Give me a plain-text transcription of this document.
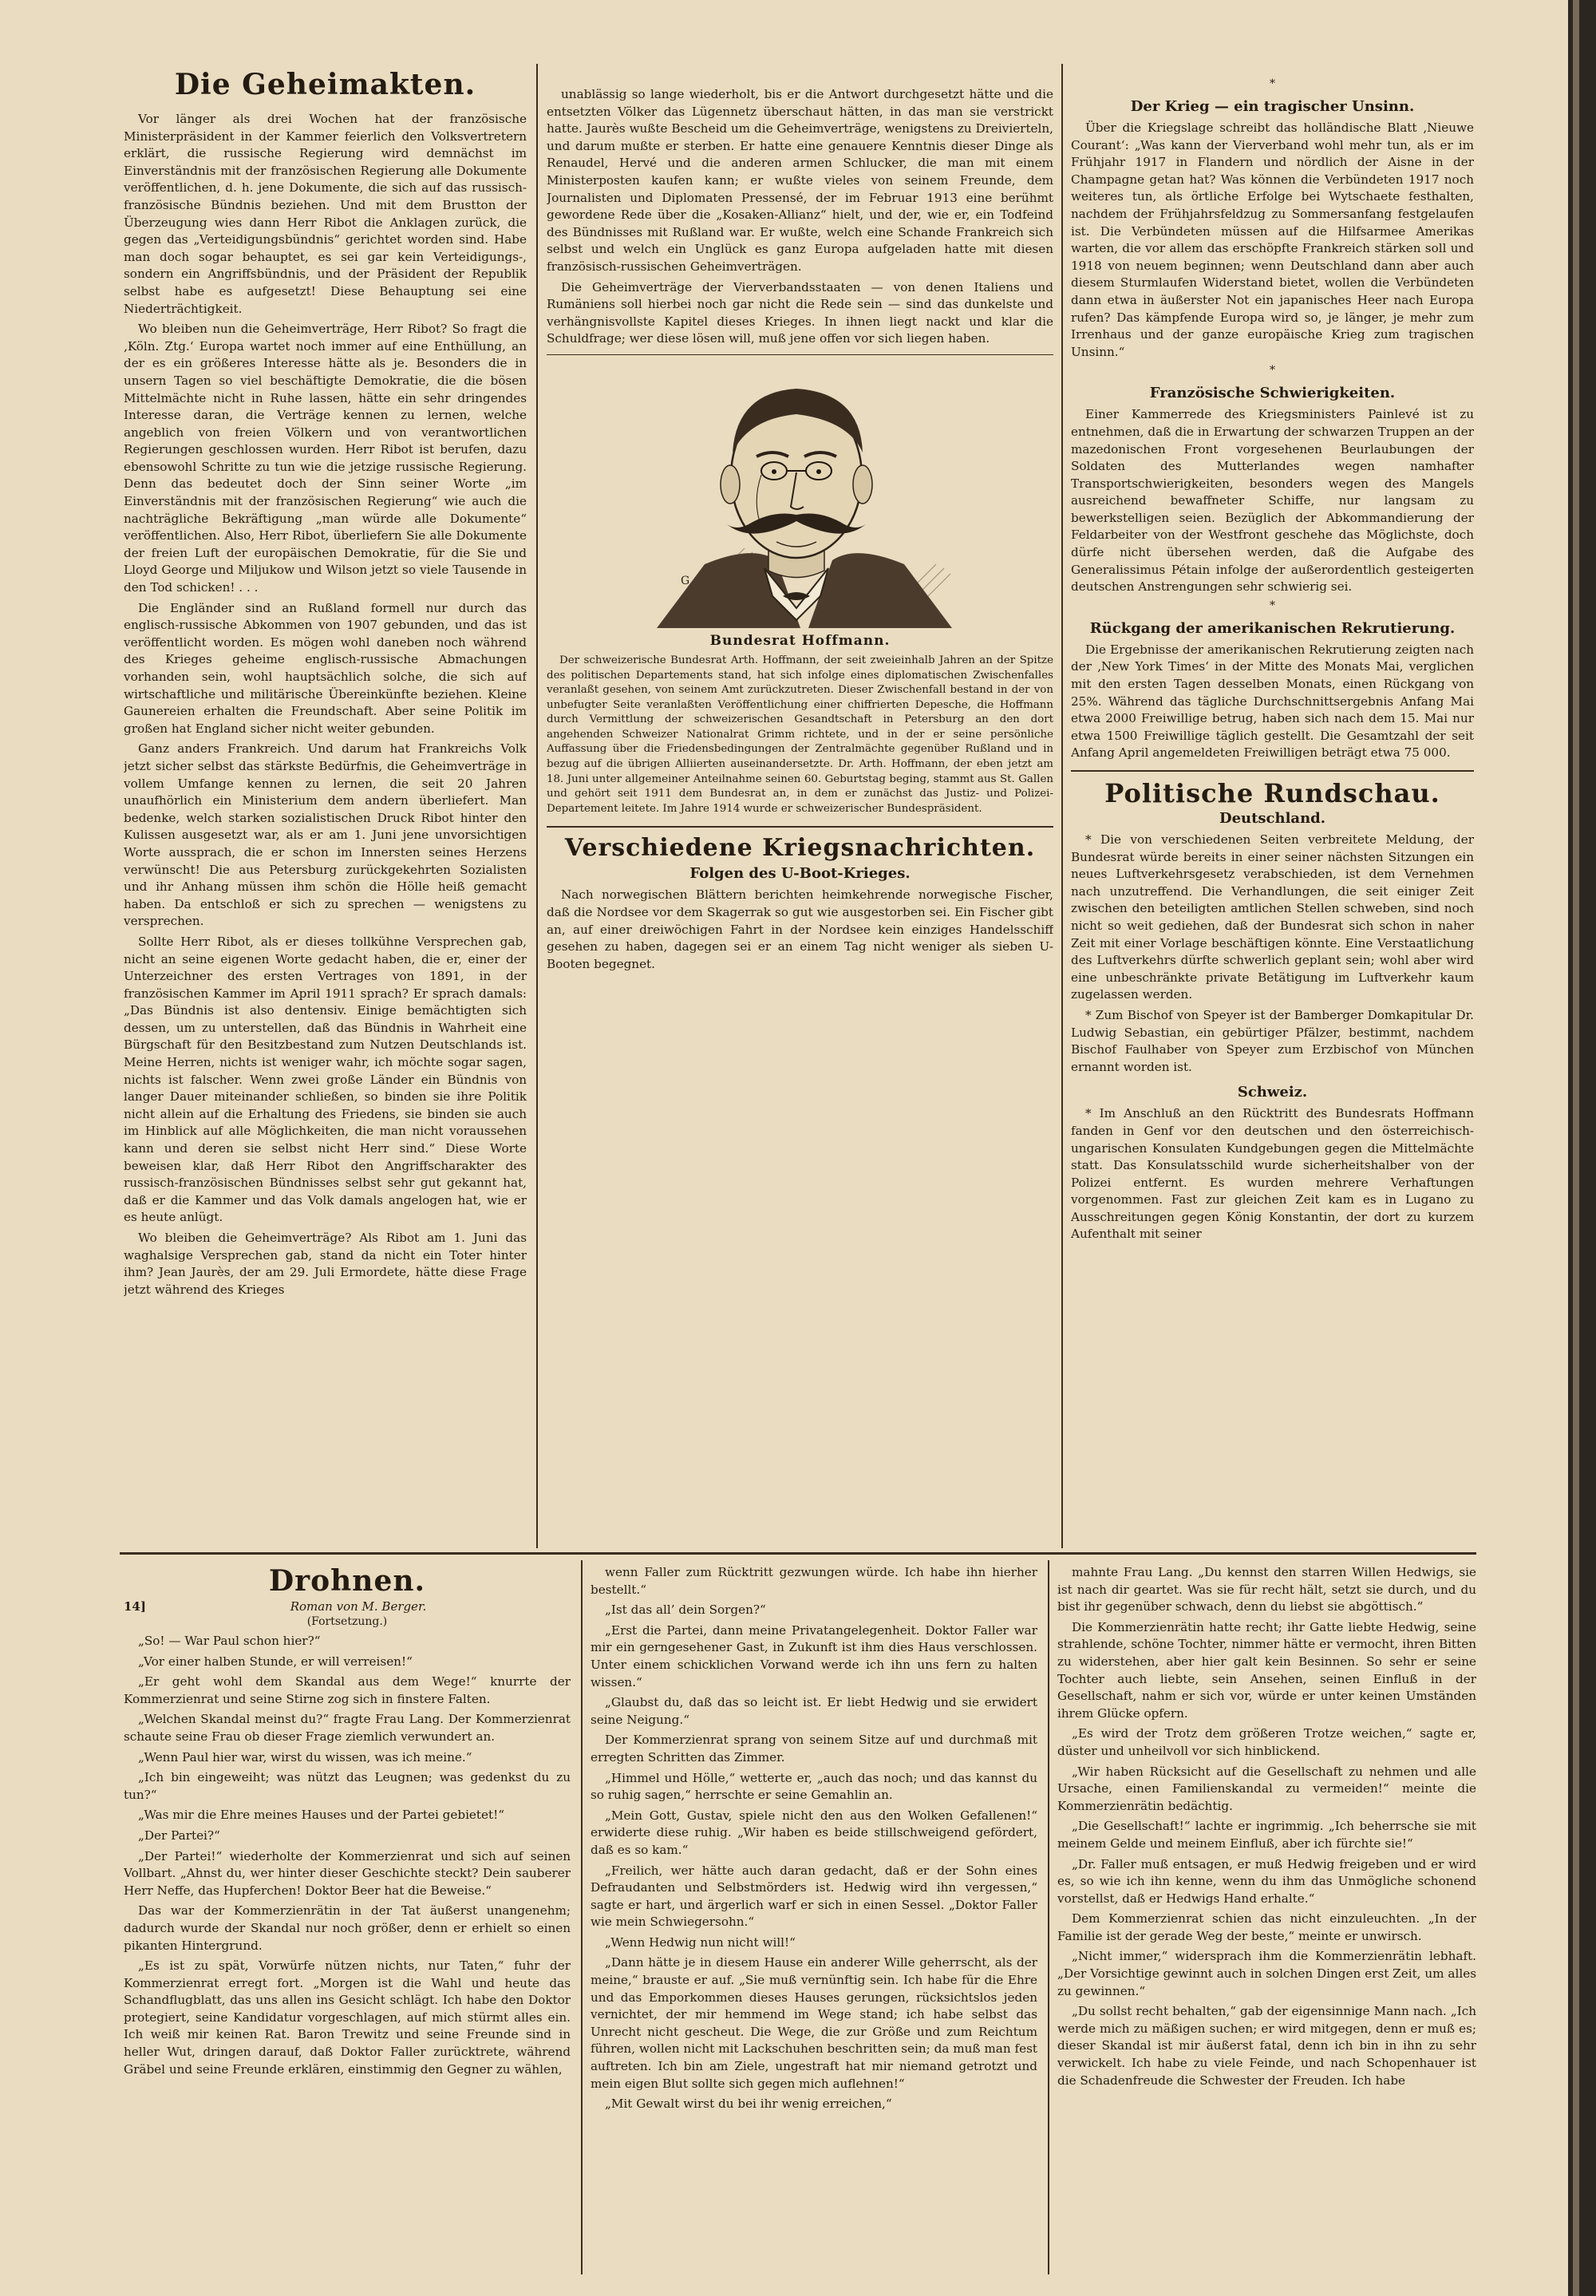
Die Geheimakten.

Vor länger als drei Wochen hat der französische Ministerpräsident in der Kammer feierlich den Volksvertretern erklärt, die russische Regierung wird demnächst im Einverständnis mit der französischen Regierung alle Dokumente veröffentlichen, d. h. jene Dokumente, die sich auf das russisch-französische Bündnis beziehen. Und mit dem Brustton der Überzeugung wies dann Herr Ribot die Anklagen zurück, die gegen das „Verteidigungsbündnis“ gerichtet worden sind. Habe man doch sogar behauptet, es sei gar kein Verteidigungs-, sondern ein Angriffsbündnis, und der Präsident der Republik selbst habe es aufgesetzt! Diese Behauptung sei eine Niederträchtigkeit.

Wo bleiben nun die Geheimverträge, Herr Ribot? So fragt die ‚Köln. Ztg.‘ Europa wartet noch immer auf eine Enthüllung, an der es ein größeres Interesse hätte als je. Besonders die in unsern Tagen so viel beschäftigte Demokratie, die die bösen Mittelmächte nicht in Ruhe lassen, hätte ein sehr dringendes Interesse daran, die Verträge kennen zu lernen, welche angeblich von freien Völkern und von verantwortlichen Regierungen geschlossen wurden. Herr Ribot ist berufen, dazu ebensowohl Schritte zu tun wie die jetzige russische Regierung. Denn das bedeutet doch der Sinn seiner Worte „im Einverständnis mit der französischen Regierung“ wie auch die nachträgliche Bekräftigung „man würde alle Dokumente“ veröffentlichen. Also, Herr Ribot, überliefern Sie alle Dokumente der freien Luft der europäischen Demokratie, für die Sie und Lloyd George und Miljukow und Wilson jetzt so viele Tausende in den Tod schicken! . . .

Die Engländer sind an Rußland formell nur durch das englisch-russische Abkommen von 1907 gebunden, und das ist veröffentlicht worden. Es mögen wohl daneben noch während des Krieges geheime englisch-russische Abmachungen vorhanden sein, wohl hauptsächlich solche, die sich auf wirtschaftliche und militärische Übereinkünfte beziehen. Kleine Gaunereien erhalten die Freundschaft. Aber seine Politik im großen hat England sicher nicht weiter gebunden.

Ganz anders Frankreich. Und darum hat Frankreichs Volk jetzt sicher selbst das stärkste Bedürfnis, die Geheimverträge in vollem Umfange kennen zu lernen, die seit 20 Jahren unaufhörlich ein Ministerium dem andern überliefert. Man bedenke, welch starken sozialistischen Druck Ribot hinter den Kulissen ausgesetzt war, als er am 1. Juni jene unvorsichtigen Worte aussprach, die er schon im Innersten seines Herzens verwünscht! Die aus Petersburg zurückgekehrten Sozialisten und ihr Anhang müssen ihm schön die Hölle heiß gemacht haben. Da entschloß er sich zu sprechen — wenigstens zu versprechen.

Sollte Herr Ribot, als er dieses tollkühne Versprechen gab, nicht an seine eigenen Worte gedacht haben, die er, einer der Unterzeichner des ersten Vertrages von 1891, in der französischen Kammer im April 1911 sprach? Er sprach damals: „Das Bündnis ist also dentensiv. Einige bemächtigten sich dessen, um zu unterstellen, daß das Bündnis in Wahrheit eine Bürgschaft für den Besitzbestand zum Nutzen Deutschlands ist. Meine Herren, nichts ist weniger wahr, ich möchte sogar sagen, nichts ist falscher. Wenn zwei große Länder ein Bündnis von langer Dauer miteinander schließen, so binden sie ihre Politik nicht allein auf die Erhaltung des Friedens, sie binden sie auch im Hinblick auf alle Möglichkeiten, die man nicht voraussehen kann und deren sie selbst nicht Herr sind.“ Diese Worte beweisen klar, daß Herr Ribot den Angriffscharakter des russisch-französischen Bündnisses selbst sehr gut gekannt hat, daß er die Kammer und das Volk damals angelogen hat, wie er es heute anlügt.

Wo bleiben die Geheimverträge? Als Ribot am 1. Juni das waghalsige Versprechen gab, stand da nicht ein Toter hinter ihm? Jean Jaurès, der am 29. Juli Ermordete, hätte diese Frage jetzt während des Krieges

unablässig so lange wiederholt, bis er die Antwort durchgesetzt hätte und die entsetzten Völker das Lügennetz überschaut hätten, in das man sie verstrickt hatte. Jaurès wußte Bescheid um die Geheimverträge, wenigstens zu Dreivierteln, und darum mußte er sterben. Er hatte eine genauere Kenntnis dieser Dinge als Renaudel, Hervé und die anderen armen Schlucker, die man mit einem Ministerposten kaufen kann; er wußte vieles von seinem Freunde, dem Journalisten und Diplomaten Pressensé, der im Februar 1913 eine berühmt gewordene Rede über die „Kosaken-Allianz“ hielt, und der, wie er, ein Todfeind des Bündnisses mit Rußland war. Er wußte, welch eine Schande Frankreich sich selbst und welch ein Unglück es ganz Europa aufgeladen hatte mit diesen französisch-russischen Geheimverträgen.

Die Geheimverträge der Vierverbandsstaaten — von denen Italiens und Rumäniens soll hierbei noch gar nicht die Rede sein — sind das dunkelste und verhängnisvollste Kapitel dieses Krieges. In ihnen liegt nackt und klar die Schuldfrage; wer diese lösen will, muß jene offen vor sich liegen haben.

G
Bundesrat Hoffmann.

Der schweizerische Bundesrat Arth. Hoffmann, der seit zweieinhalb Jahren an der Spitze des politischen Departements stand, hat sich infolge eines diplomatischen Zwischenfalles veranlaßt gesehen, von seinem Amt zurückzutreten. Dieser Zwischenfall bestand in der von unbefugter Seite veranlaßten Veröffentlichung einer chiffrierten Depesche, die Hoffmann durch Vermittlung der schweizerischen Gesandtschaft in Petersburg an den dort angehenden Schweizer Nationalrat Grimm richtete, und in der er seine persönliche Auffassung über die Friedensbedingungen der Zentralmächte gegenüber Rußland und in bezug auf die übrigen Alliierten auseinandersetzte. Dr. Arth. Hoffmann, der eben jetzt am 18. Juni unter allgemeiner Anteilnahme seinen 60. Geburtstag beging, stammt aus St. Gallen und gehört seit 1911 dem Bundesrat an, in dem er zunächst das Justiz- und Polizei-Departement leitete. Im Jahre 1914 wurde er schweizerischer Bundespräsident.

Verschiedene Kriegsnachrichten.
Folgen des U-Boot-Krieges.

Nach norwegischen Blättern berichten heimkehrende norwegische Fischer, daß die Nordsee vor dem Skagerrak so gut wie ausgestorben sei. Ein Fischer gibt an, auf einer dreiwöchigen Fahrt in der Nordsee kein einziges Handelsschiff gesehen zu haben, dagegen sei er an einem Tag nicht weniger als sieben U-Booten begegnet.

*
Der Krieg — ein tragischer Unsinn.

Über die Kriegslage schreibt das holländische Blatt ‚Nieuwe Courant‘: „Was kann der Vierverband wohl mehr tun, als er im Frühjahr 1917 in Flandern und nördlich der Aisne in der Champagne getan hat? Was können die Verbündeten 1917 noch weiteres tun, als örtliche Erfolge bei Wytschaete festhalten, nachdem der Frühjahrsfeldzug zu Sommersanfang festgelaufen ist. Die Verbündeten müssen auf die Hilfsarmee Amerikas warten, die vor allem das erschöpfte Frankreich stärken soll und 1918 von neuem beginnen; wenn Deutschland dann aber auch diesem Sturmlaufen Widerstand bietet, wollen die Verbündeten dann etwa in äußerster Not ein japanisches Heer nach Europa rufen? Das kämpfende Europa wird so, je länger, je mehr zum Irrenhaus und der ganze europäische Krieg zum tragischen Unsinn.“

*
Französische Schwierigkeiten.

Einer Kammerrede des Kriegsministers Painlevé ist zu entnehmen, daß die in Erwartung der schwarzen Truppen an der mazedonischen Front vorgesehenen Beurlaubungen der Soldaten des Mutterlandes wegen namhafter Transportschwierigkeiten, besonders wegen des Mangels ausreichend bewaffneter Schiffe, nur langsam zu bewerkstelligen seien. Bezüglich der Abkommandierung der Feldarbeiter von der Westfront geschehe das Möglichste, doch dürfe nicht übersehen werden, daß die Aufgabe des Generalissimus Pétain infolge der außerordentlich gesteigerten deutschen Anstrengungen sehr schwierig sei.

*
Rückgang der amerikanischen Rekrutierung.

Die Ergebnisse der amerikanischen Rekrutierung zeigten nach der ‚New York Times‘ in der Mitte des Monats Mai, verglichen mit den ersten Tagen desselben Monats, einen Rückgang von 25%. Während das tägliche Durchschnittsergebnis Anfang Mai etwa 2000 Freiwillige betrug, haben sich nach dem 15. Mai nur etwa 1500 Freiwillige täglich gestellt. Die Gesamtzahl der seit Anfang April angemeldeten Freiwilligen beträgt etwa 75 000.

Politische Rundschau.
Deutschland.

* Die von verschiedenen Seiten verbreitete Meldung, der Bundesrat würde bereits in einer seiner nächsten Sitzungen ein neues Luftverkehrsgesetz verabschieden, ist dem Vernehmen nach unzutreffend. Die Verhandlungen, die seit einiger Zeit zwischen den beteiligten amtlichen Stellen schweben, sind noch nicht so weit gediehen, daß der Bundesrat sich schon in naher Zeit mit einer Vorlage beschäftigen könnte. Eine Verstaatlichung des Luftverkehrs dürfte schwerlich geplant sein; wohl aber wird eine unbeschränkte private Betätigung im Luftverkehr kaum zugelassen werden.

* Zum Bischof von Speyer ist der Bamberger Domkapitular Dr. Ludwig Sebastian, ein gebürtiger Pfälzer, bestimmt, nachdem Bischof Faulhaber von Speyer zum Erzbischof von München ernannt worden ist.

Schweiz.

* Im Anschluß an den Rücktritt des Bundesrats Hoffmann fanden in Genf vor den deutschen und den österreichisch-ungarischen Konsulaten Kundgebungen gegen die Mittelmächte statt. Das Konsulatsschild wurde sicherheitshalber von der Polizei entfernt. Es wurden mehrere Verhaftungen vorgenommen. Fast zur gleichen Zeit kam es in Lugano zu Ausschreitungen gegen König Konstantin, der dort zu kurzem Aufenthalt mit seiner

Drohnen.
14]	Roman von M. Berger.
(Fortsetzung.)

„So! — War Paul schon hier?“

„Vor einer halben Stunde, er will verreisen!“

„Er geht wohl dem Skandal aus dem Wege!“ knurrte der Kommerzienrat und seine Stirne zog sich in finstere Falten.

„Welchen Skandal meinst du?“ fragte Frau Lang. Der Kommerzienrat schaute seine Frau ob dieser Frage ziemlich verwundert an.

„Wenn Paul hier war, wirst du wissen, was ich meine.“

„Ich bin eingeweiht; was nützt das Leugnen; was gedenkst du zu tun?“

„Was mir die Ehre meines Hauses und der Partei gebietet!“

„Der Partei?“

„Der Partei!“ wiederholte der Kommerzienrat und sich auf seinen Vollbart. „Ahnst du, wer hinter dieser Geschichte steckt? Dein sauberer Herr Neffe, das Hupferchen! Doktor Beer hat die Beweise.“

Das war der Kommerzienrätin in der Tat äußerst unangenehm; dadurch wurde der Skandal nur noch größer, denn er erhielt so einen pikanten Hintergrund.

„Es ist zu spät, Vorwürfe nützen nichts, nur Taten,“ fuhr der Kommerzienrat erregt fort. „Morgen ist die Wahl und heute das Schandflugblatt, das uns allen ins Gesicht schlägt. Ich habe den Doktor protegiert, seine Kandidatur vorgeschlagen, auf mich stürmt alles ein. Ich weiß mir keinen Rat. Baron Trewitz und seine Freunde sind in heller Wut, dringen darauf, daß Doktor Faller zurücktrete, während Gräbel und seine Freunde erklären, einstimmig den Gegner zu wählen,

wenn Faller zum Rücktritt gezwungen würde. Ich habe ihn hierher bestellt.“

„Ist das all’ dein Sorgen?“

„Erst die Partei, dann meine Privatangelegenheit. Doktor Faller war mir ein gerngesehener Gast, in Zukunft ist ihm dies Haus verschlossen. Unter einem schicklichen Vorwand werde ich ihn uns fern zu halten wissen.“

„Glaubst du, daß das so leicht ist. Er liebt Hedwig und sie erwidert seine Neigung.“

Der Kommerzienrat sprang von seinem Sitze auf und durchmaß mit erregten Schritten das Zimmer.

„Himmel und Hölle,“ wetterte er, „auch das noch; und das kannst du so ruhig sagen,“ herrschte er seine Gemahlin an.

„Mein Gott, Gustav, spiele nicht den aus den Wolken Gefallenen!“ erwiderte diese ruhig. „Wir haben es beide stillschweigend gefördert, daß es so kam.“

„Freilich, wer hätte auch daran gedacht, daß er der Sohn eines Defraudanten und Selbstmörders ist. Hedwig wird ihn vergessen,“ sagte er hart, und ärgerlich warf er sich in einen Sessel. „Doktor Faller wie mein Schwiegersohn.“

„Wenn Hedwig nun nicht will!“

„Dann hätte je in diesem Hause ein anderer Wille geherrscht, als der meine,“ brauste er auf. „Sie muß vernünftig sein. Ich habe für die Ehre und das Emporkommen dieses Hauses gerungen, rücksichtslos jeden vernichtet, der mir hemmend im Wege stand; ich habe selbst das Unrecht nicht gescheut. Die Wege, die zur Größe und zum Reichtum führen, wollen nicht mit Lackschuhen beschritten sein; da muß man fest auftreten. Ich bin am Ziele, ungestraft hat mir niemand getrotzt und mein eigen Blut sollte sich gegen mich auflehnen!“

„Mit Gewalt wirst du bei ihr wenig erreichen,“

mahnte Frau Lang. „Du kennst den starren Willen Hedwigs, sie ist nach dir geartet. Was sie für recht hält, setzt sie durch, und du bist ihr gegenüber schwach, denn du liebst sie abgöttisch.“

Die Kommerzienrätin hatte recht; ihr Gatte liebte Hedwig, seine strahlende, schöne Tochter, nimmer hätte er vermocht, ihren Bitten zu widerstehen, aber hier galt kein Besinnen. So sehr er seine Tochter auch liebte, sein Ansehen, seinen Einfluß in der Gesellschaft, nahm er sich vor, würde er unter keinen Umständen ihrem Glücke opfern.

„Es wird der Trotz dem größeren Trotze weichen,“ sagte er, düster und unheilvoll vor sich hinblickend.

„Wir haben Rücksicht auf die Gesellschaft zu nehmen und alle Ursache, einen Familienskandal zu vermeiden!“ meinte die Kommerzienrätin bedächtig.

„Die Gesellschaft!“ lachte er ingrimmig. „Ich beherrsche sie mit meinem Gelde und meinem Einfluß, aber ich fürchte sie!“

„Dr. Faller muß entsagen, er muß Hedwig freigeben und er wird es, so wie ich ihn kenne, wenn du ihm das Unmögliche schonend vorstellst, daß er Hedwigs Hand erhalte.“

Dem Kommerzienrat schien das nicht einzuleuchten. „In der Familie ist der gerade Weg der beste,“ meinte er unwirsch.

„Nicht immer,“ widersprach ihm die Kommerzienrätin lebhaft. „Der Vorsichtige gewinnt auch in solchen Dingen erst Zeit, um alles zu gewinnen.“

„Du sollst recht behalten,“ gab der eigensinnige Mann nach. „Ich werde mich zu mäßigen suchen; er wird mitgegen, denn er muß es; dieser Skandal ist mir äußerst fatal, denn ich bin in ihn zu sehr verwickelt. Ich habe zu viele Feinde, und nach Schopenhauer ist die Schadenfreude die Schwester der Freuden. Ich habe
